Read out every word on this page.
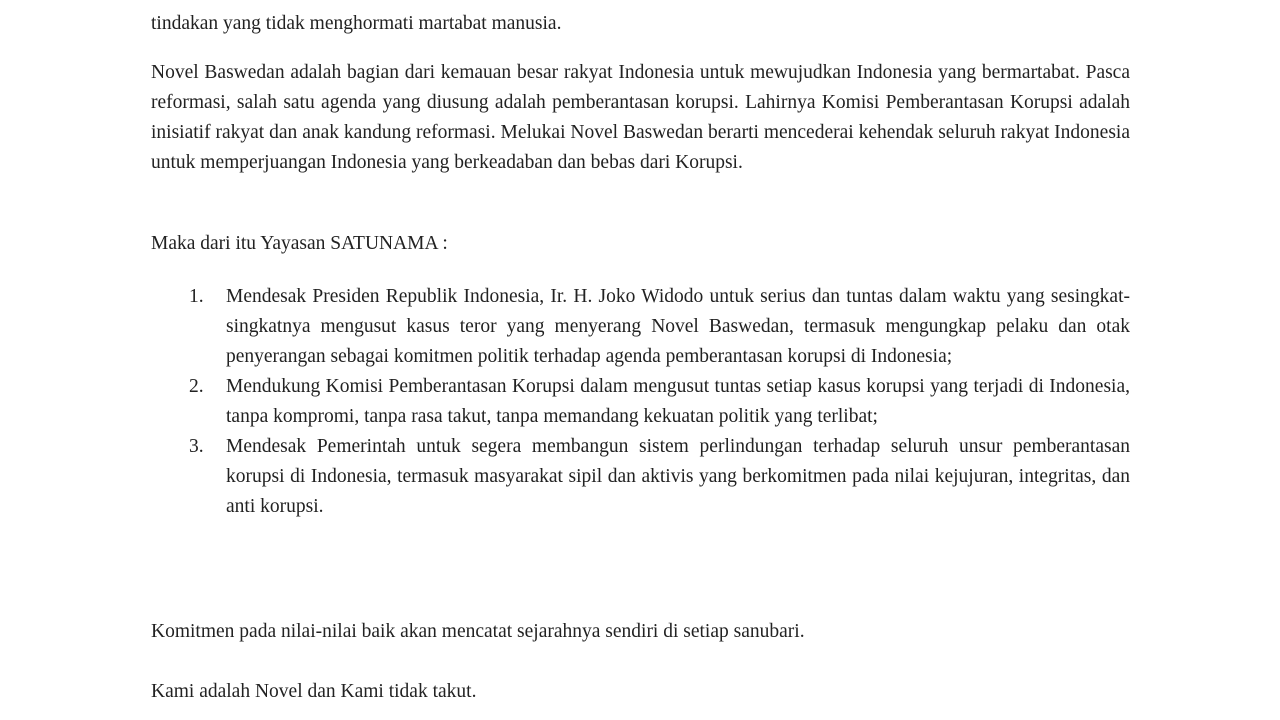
tindakan yang tidak menghormati martabat manusia.

Novel Baswedan adalah bagian dari kemauan besar rakyat Indonesia untuk mewujudkan Indonesia yang bermartabat. Pasca reformasi, salah satu agenda yang diusung adalah pemberantasan korupsi. Lahirnya Komisi Pemberantasan Korupsi adalah inisiatif rakyat dan anak kandung reformasi. Melukai Novel Baswedan berarti mencederai kehendak seluruh rakyat Indonesia untuk memperjuangan Indonesia yang berkeadaban dan bebas dari Korupsi.

Maka dari itu Yayasan SATUNAMA :

1. Mendesak Presiden Republik Indonesia, Ir. H. Joko Widodo untuk serius dan tuntas dalam waktu yang sesingkat-singkatnya mengusut kasus teror yang menyerang Novel Baswedan, termasuk mengungkap pelaku dan otak penyerangan sebagai komitmen politik terhadap agenda pemberantasan korupsi di Indonesia;
2. Mendukung Komisi Pemberantasan Korupsi dalam mengusut tuntas setiap kasus korupsi yang terjadi di Indonesia, tanpa kompromi, tanpa rasa takut, tanpa memandang kekuatan politik yang terlibat;
3. Mendesak Pemerintah untuk segera membangun sistem perlindungan terhadap seluruh unsur pemberantasan korupsi di Indonesia, termasuk masyarakat sipil dan aktivis yang berkomitmen pada nilai kejujuran, integritas, dan anti korupsi.

Komitmen pada nilai-nilai baik akan mencatat sejarahnya sendiri di setiap sanubari.

Kami adalah Novel dan Kami tidak takut.
